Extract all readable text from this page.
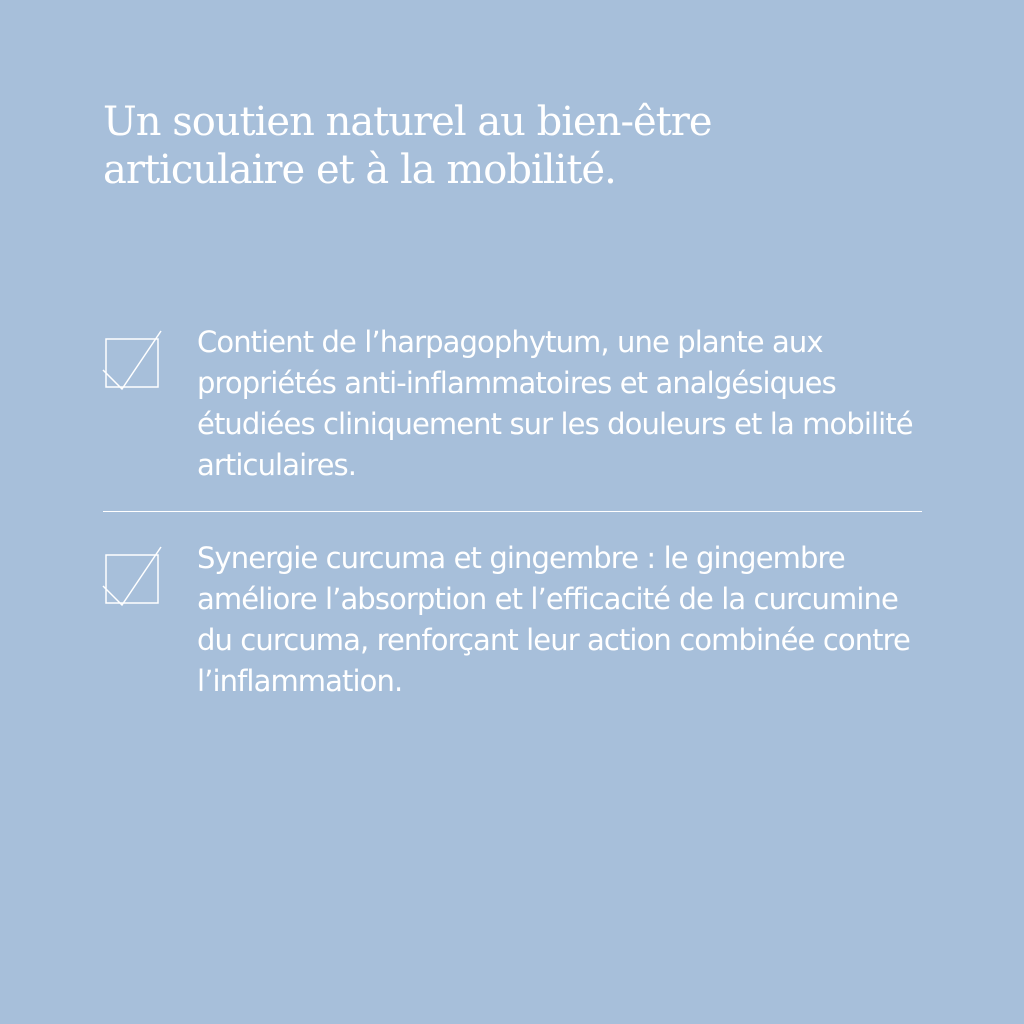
Un soutien naturel au bien-être articulaire et à la mobilité.

Contient de l’harpagophytum, une plante aux propriétés anti-inflammatoires et analgésiques étudiées cliniquement sur les douleurs et la mobilité articulaires.

Synergie curcuma et gingembre : le gingembre améliore l’absorption et l’efficacité de la curcumine du curcuma, renforçant leur action combinée contre l’inflammation.
